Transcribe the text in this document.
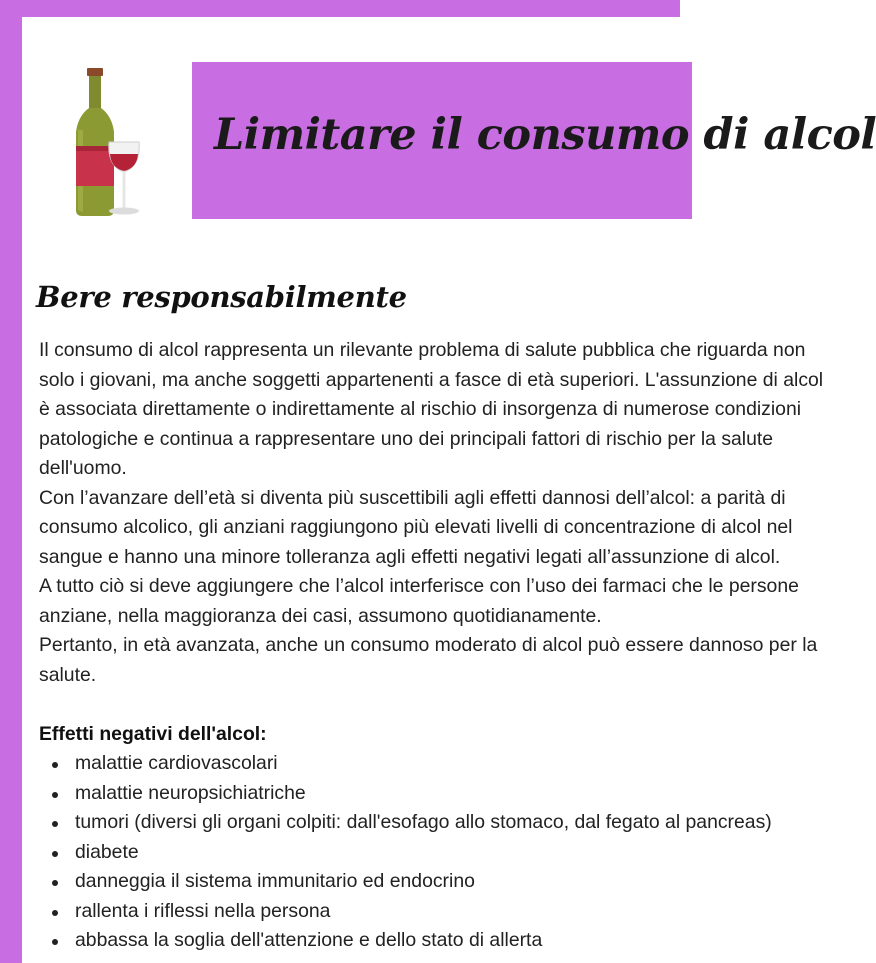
Limitare il consumo di alcol
Bere responsabilmente
Il consumo di alcol rappresenta un rilevante problema di salute pubblica che riguarda non
solo i giovani, ma anche soggetti appartenenti a fasce di età superiori. L'assunzione di alcol
è associata direttamente o indirettamente al rischio di insorgenza di numerose condizioni
patologiche e continua a rappresentare uno dei principali fattori di rischio per la salute
dell'uomo.
Con l’avanzare dell’età si diventa più suscettibili agli effetti dannosi dell’alcol: a parità di
consumo alcolico, gli anziani raggiungono più elevati livelli di concentrazione di alcol nel
sangue e hanno una minore tolleranza agli effetti negativi legati all’assunzione di alcol.
A tutto ciò si deve aggiungere che l’alcol interferisce con l’uso dei farmaci che le persone
anziane, nella maggioranza dei casi, assumono quotidianamente.
Pertanto, in età avanzata, anche un consumo moderato di alcol può essere dannoso per la
salute.
Effetti negativi dell'alcol:
malattie cardiovascolari
malattie neuropsichiatriche
tumori (diversi gli organi colpiti: dall'esofago allo stomaco, dal fegato al pancreas)
diabete
danneggia il sistema immunitario ed endocrino
rallenta i riflessi nella persona
abbassa la soglia dell'attenzione e dello stato di allerta
